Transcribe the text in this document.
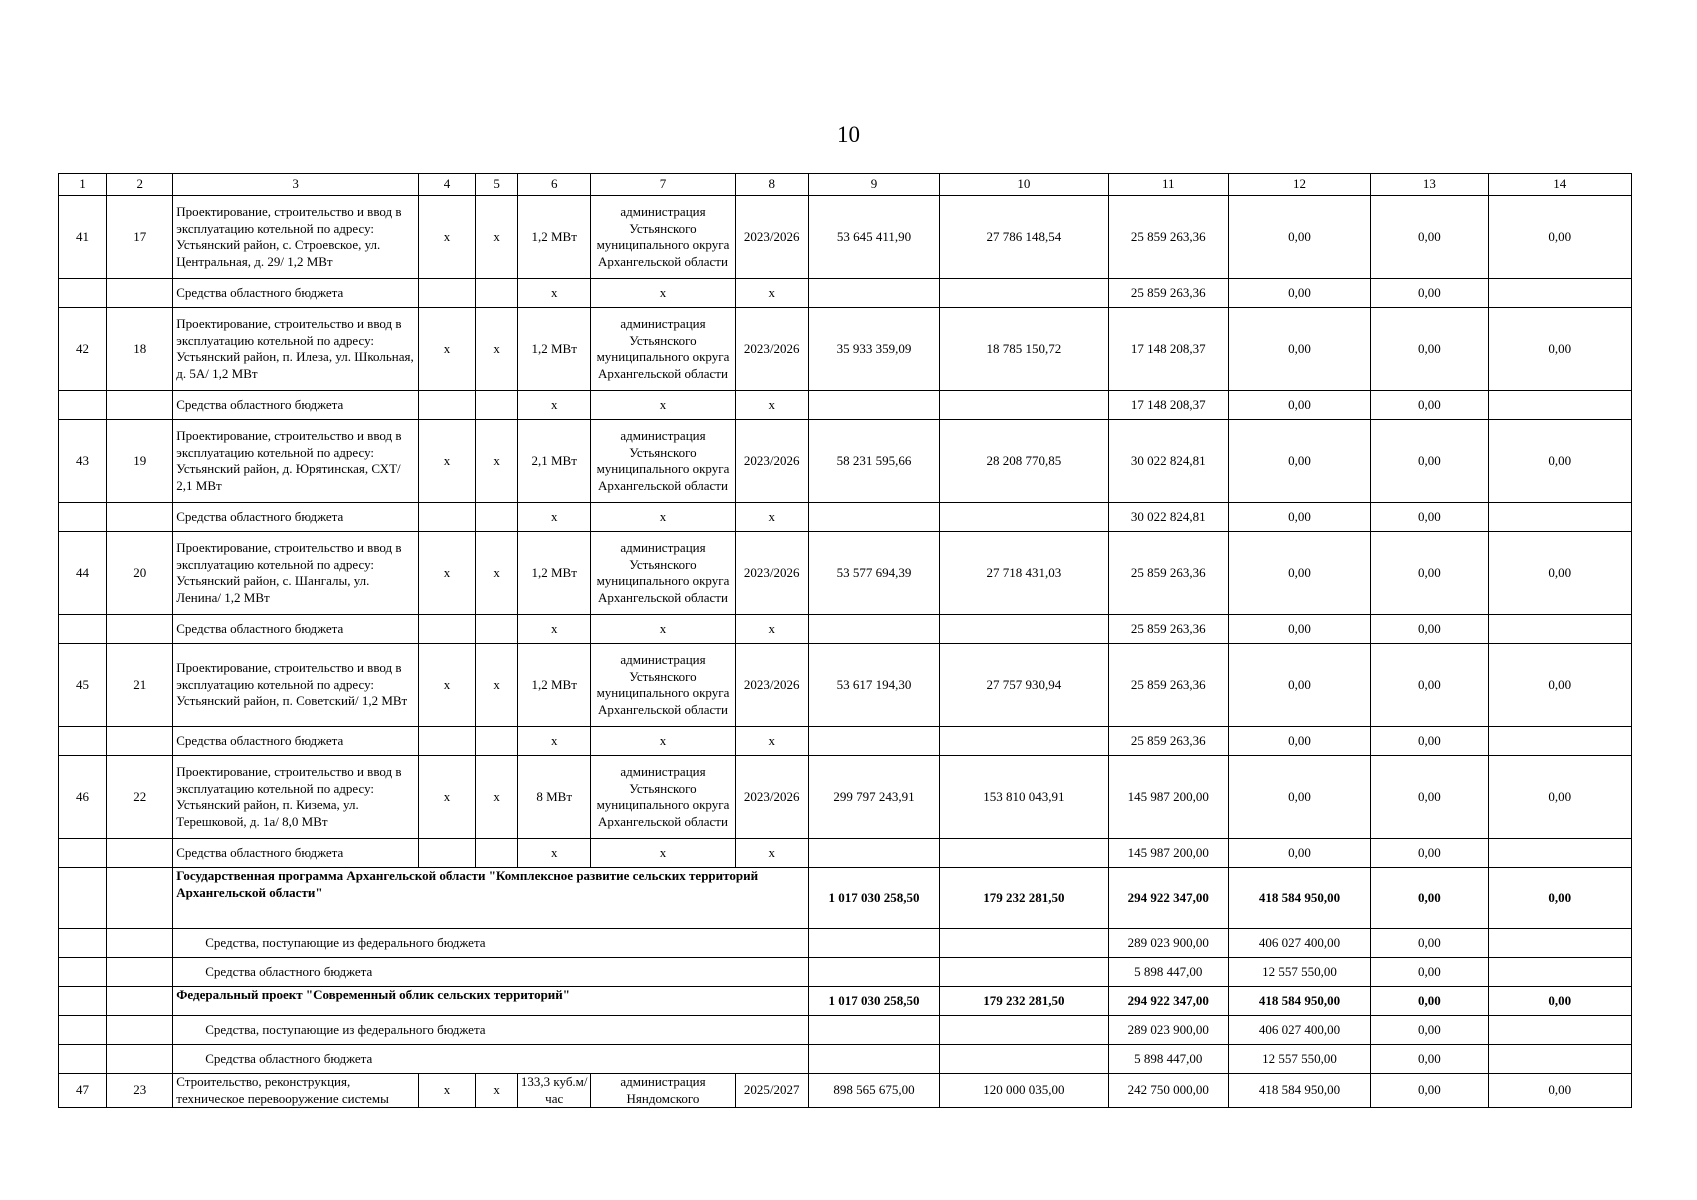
10
1	2	3	4	5	6	7	8	9	10	11	12	13	14
41	17	Проектирование, строительство и ввод в эксплуатацию котельной по адресу: Устьянский район, с. Строевское, ул. Центральная, д. 29/ 1,2 МВт	х	х	1,2 МВт	администрация Устьянского муниципального округа Архангельской области	2023/2026	53 645 411,90	27 786 148,54	25 859 263,36	0,00	0,00	0,00
		Средства областного бюджета			х	х	х			25 859 263,36	0,00	0,00	
42	18	Проектирование, строительство и ввод в эксплуатацию котельной по адресу: Устьянский район, п. Илеза, ул. Школьная, д. 5А/ 1,2 МВт	х	х	1,2 МВт	администрация Устьянского муниципального округа Архангельской области	2023/2026	35 933 359,09	18 785 150,72	17 148 208,37	0,00	0,00	0,00
		Средства областного бюджета			х	х	х			17 148 208,37	0,00	0,00	
43	19	Проектирование, строительство и ввод в эксплуатацию котельной по адресу: Устьянский район, д. Юрятинская, СХТ/ 2,1 МВт	х	х	2,1 МВт	администрация Устьянского муниципального округа Архангельской области	2023/2026	58 231 595,66	28 208 770,85	30 022 824,81	0,00	0,00	0,00
		Средства областного бюджета			х	х	х			30 022 824,81	0,00	0,00	
44	20	Проектирование, строительство и ввод в эксплуатацию котельной по адресу: Устьянский район, с. Шангалы, ул. Ленина/ 1,2 МВт	х	х	1,2 МВт	администрация Устьянского муниципального округа Архангельской области	2023/2026	53 577 694,39	27 718 431,03	25 859 263,36	0,00	0,00	0,00
		Средства областного бюджета			х	х	х			25 859 263,36	0,00	0,00	
45	21	Проектирование, строительство и ввод в эксплуатацию котельной по адресу: Устьянский район, п. Советский/ 1,2 МВт	х	х	1,2 МВт	администрация Устьянского муниципального округа Архангельской области	2023/2026	53 617 194,30	27 757 930,94	25 859 263,36	0,00	0,00	0,00
		Средства областного бюджета			х	х	х			25 859 263,36	0,00	0,00	
46	22	Проектирование, строительство и ввод в эксплуатацию котельной по адресу: Устьянский район, п. Кизема, ул. Терешковой, д. 1а/ 8,0 МВт	х	х	8 МВт	администрация Устьянского муниципального округа Архангельской области	2023/2026	299 797 243,91	153 810 043,91	145 987 200,00	0,00	0,00	0,00
		Средства областного бюджета			х	х	х			145 987 200,00	0,00	0,00	
		Государственная программа Архангельской области "Комплексное развитие сельских территорий Архангельской области"						1 017 030 258,50	179 232 281,50	294 922 347,00	418 584 950,00	0,00	0,00
		Средства, поступающие из федерального бюджета								289 023 900,00	406 027 400,00	0,00	
		Средства областного бюджета								5 898 447,00	12 557 550,00	0,00	
		Федеральный проект "Современный облик сельских территорий"						1 017 030 258,50	179 232 281,50	294 922 347,00	418 584 950,00	0,00	0,00
		Средства, поступающие из федерального бюджета								289 023 900,00	406 027 400,00	0,00	
		Средства областного бюджета								5 898 447,00	12 557 550,00	0,00	
47	23	Строительство, реконструкция, техническое перевооружение системы	х	х	133,3 куб.м/час	администрация Няндомского	2025/2027	898 565 675,00	120 000 035,00	242 750 000,00	418 584 950,00	0,00	0,00
